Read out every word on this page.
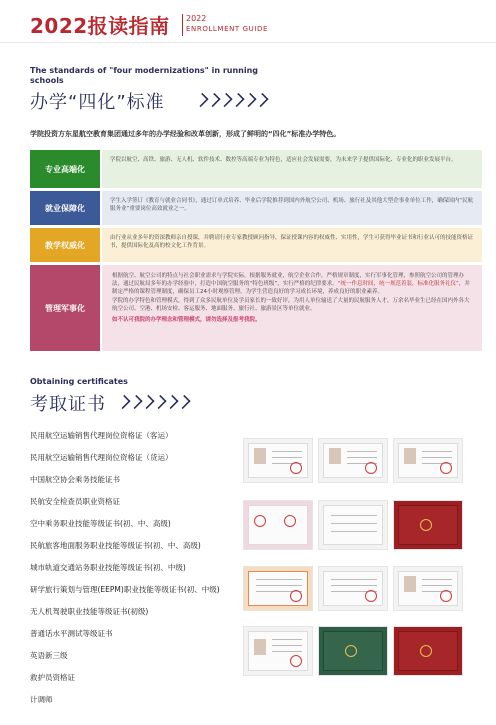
2022报读指南 2022
ENROLLMENT GUIDE
The standards of "four modernizations" in running schools
办学“四化”标准
学院投资方东星航空教育集团通过多年的办学经验和改革创新，形成了鲜明的“四化”标准办学特色。
专业高端化
学院以航空、高铁、旅游、无人机、软件技术、数控等高端专业为特色，适应社会发展需要，为未来学子提供国际化、专业化的职业发展平台。
就业保障化
学生入学签订《教育与就业合同书》，通过订单式培养、毕业后学院推荐到国内外航空公司、机场、旅行社及其他大型企事业单位工作，确保国内“民航服务业”重要岗位高效就业之一。
教学权威化
由行业从业多年的资深教师亲自授课，并聘请行业专家教授顾问指导，保证授课内容的权威性、实用性，学生可获得毕业证书和行业认可的技能资格证书，提供国际化及高的校文化工作背景。
管理军事化
根据航空、航空公司的特点与社会职业需求与学院实际，根据服务就业，航空企业合作，严格规章制度，实行军事化管理，参照航空公司的管理办法，通过民航局多年的办学经验中，打造中国航空服务的“特色班级”，实行严格的纪律要求。“统一作息时间，统一规范着装，标准化服务礼仪”，并制定严格的课程管理制度，确保员工24小时观察管理。为学生营造良好的学习成长环境，养成良好的职业素养。
学院的办学特色和管理模式，得到了众多民航单位及学员家长的一致好评，为用人单位输送了大量的民航服务人才，万余名毕业生已经在国内外各大航空公司、空港、机场安检、客运服务、地面服务、旅行社、旅游景区等单位就业。
如不认可我院的办学理念和管理模式，请勿选择及报考我院。
Obtaining certificates
考取证书
民用航空运输销售代理岗位资格证（客运）
民用航空运输销售代理岗位资格证（货运）
中国航空协会乘务技能证书
民航安全检查员职业资格证
空中乘务职业技能等级证书(初、中、高级)
民航旅客地面服务职业技能等级证书(初、中、高级)
城市轨道交通站务职业技能等级证书(初、中级)
研学旅行策划与管理(EEPM)职业技能等级证书(初、中级)
无人机驾驶职业技能等级证书(初级)
普通话水平测试等级证书
英语新三级
救护员资格证
计调师
